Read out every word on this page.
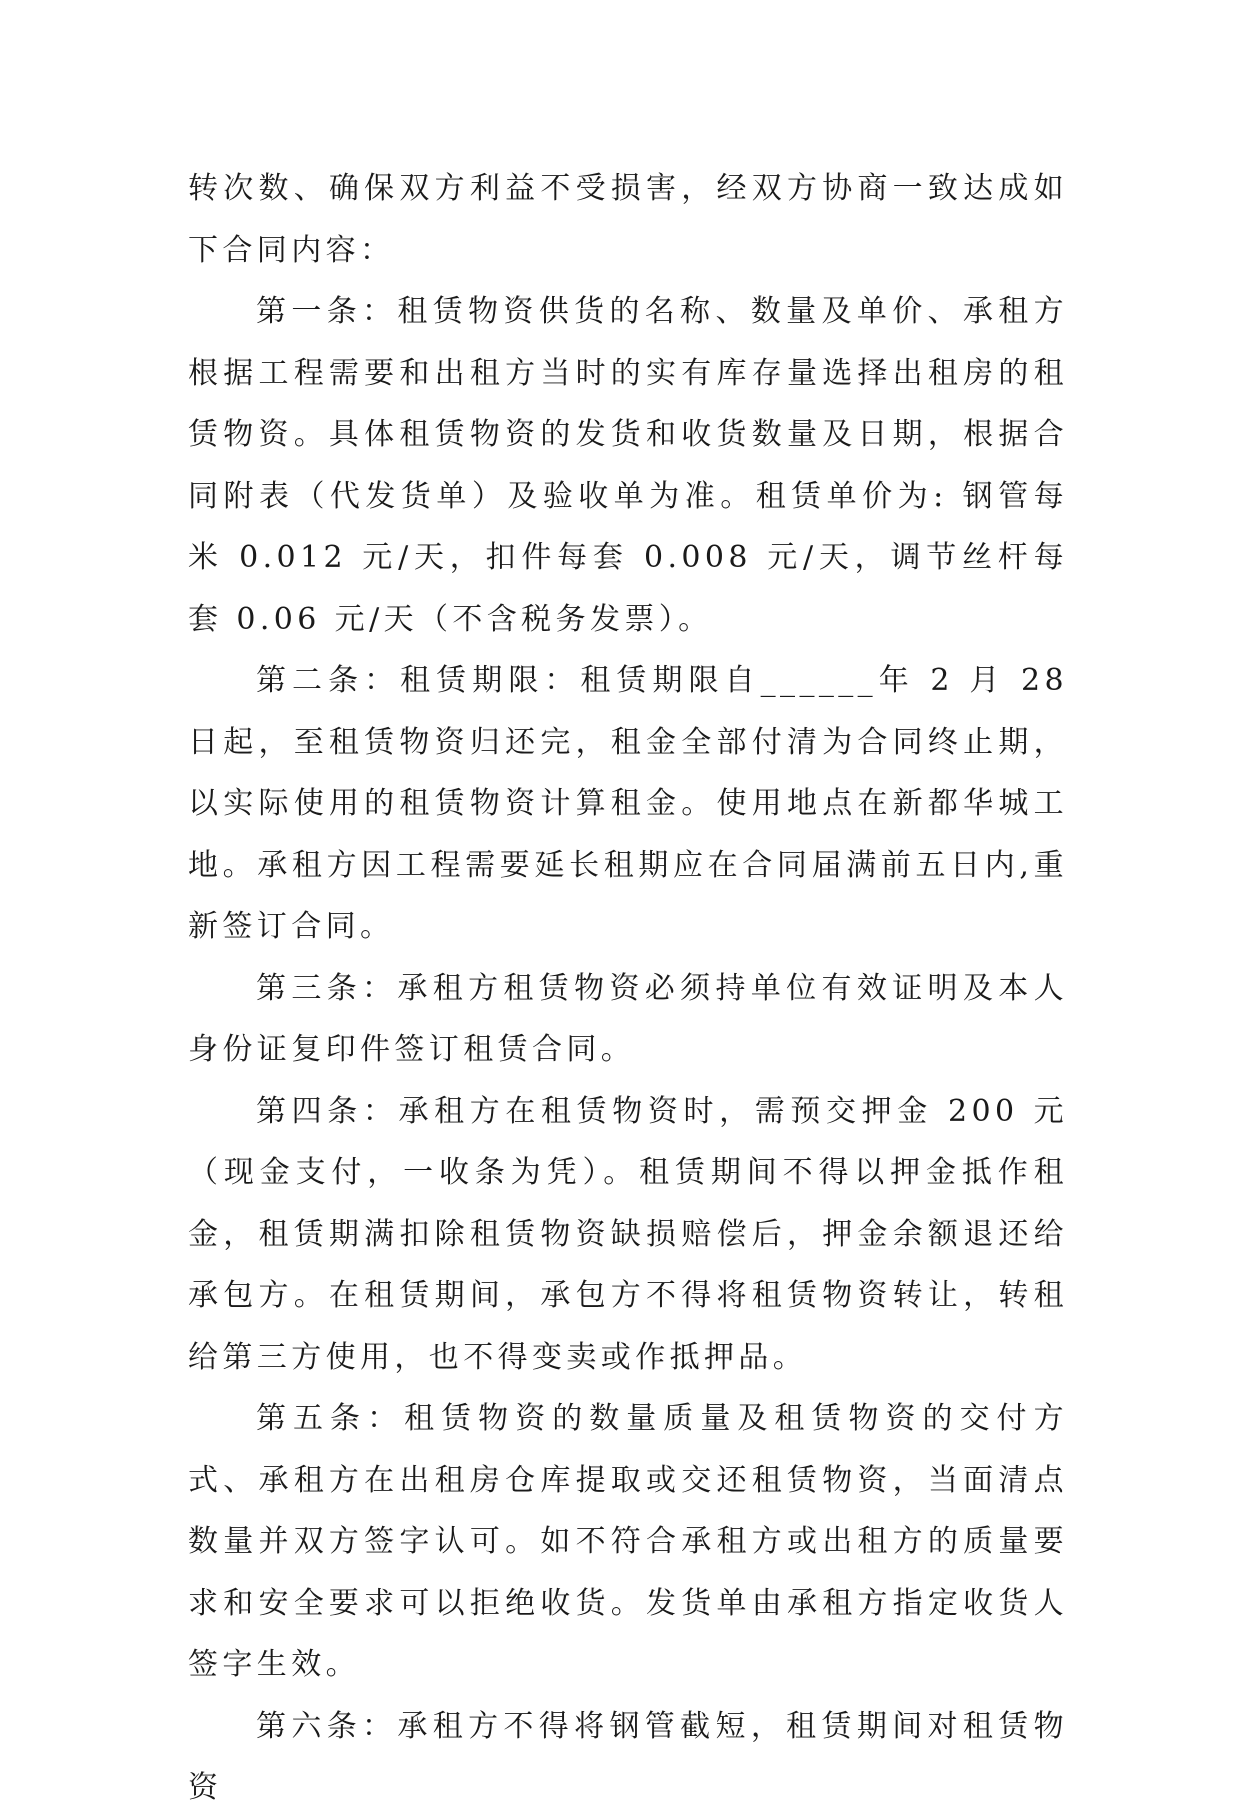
转次数、确保双方利益不受损害，经双方协商一致达成如下合同内容：

第一条：租赁物资供货的名称、数量及单价、承租方根据工程需要和出租方当时的实有库存量选择出租房的租赁物资。具体租赁物资的发货和收货数量及日期，根据合同附表（代发货单）及验收单为准。租赁单价为: 钢管每米 0.012 元/天，扣件每套 0.008 元/天，调节丝杆每套 0.06 元/天（不含税务发票）。

第二条：租赁期限：租赁期限自______年 2 月 28 日起，至租赁物资归还完，租金全部付清为合同终止期，以实际使用的租赁物资计算租金。使用地点在新都华城工地。承租方因工程需要延长租期应在合同届满前五日内,重新签订合同。

第三条：承租方租赁物资必须持单位有效证明及本人身份证复印件签订租赁合同。

第四条：承租方在租赁物资时，需预交押金 200 元（现金支付，一收条为凭）。租赁期间不得以押金抵作租金，租赁期满扣除租赁物资缺损赔偿后，押金余额退还给承包方。在租赁期间，承包方不得将租赁物资转让，转租给第三方使用，也不得变卖或作抵押品。

第五条：租赁物资的数量质量及租赁物资的交付方式、承租方在出租房仓库提取或交还租赁物资，当面清点数量并双方签字认可。如不符合承租方或出租方的质量要求和安全要求可以拒绝收货。发货单由承租方指定收货人签字生效。

第六条：承租方不得将钢管截短，租赁期间对租赁物资
